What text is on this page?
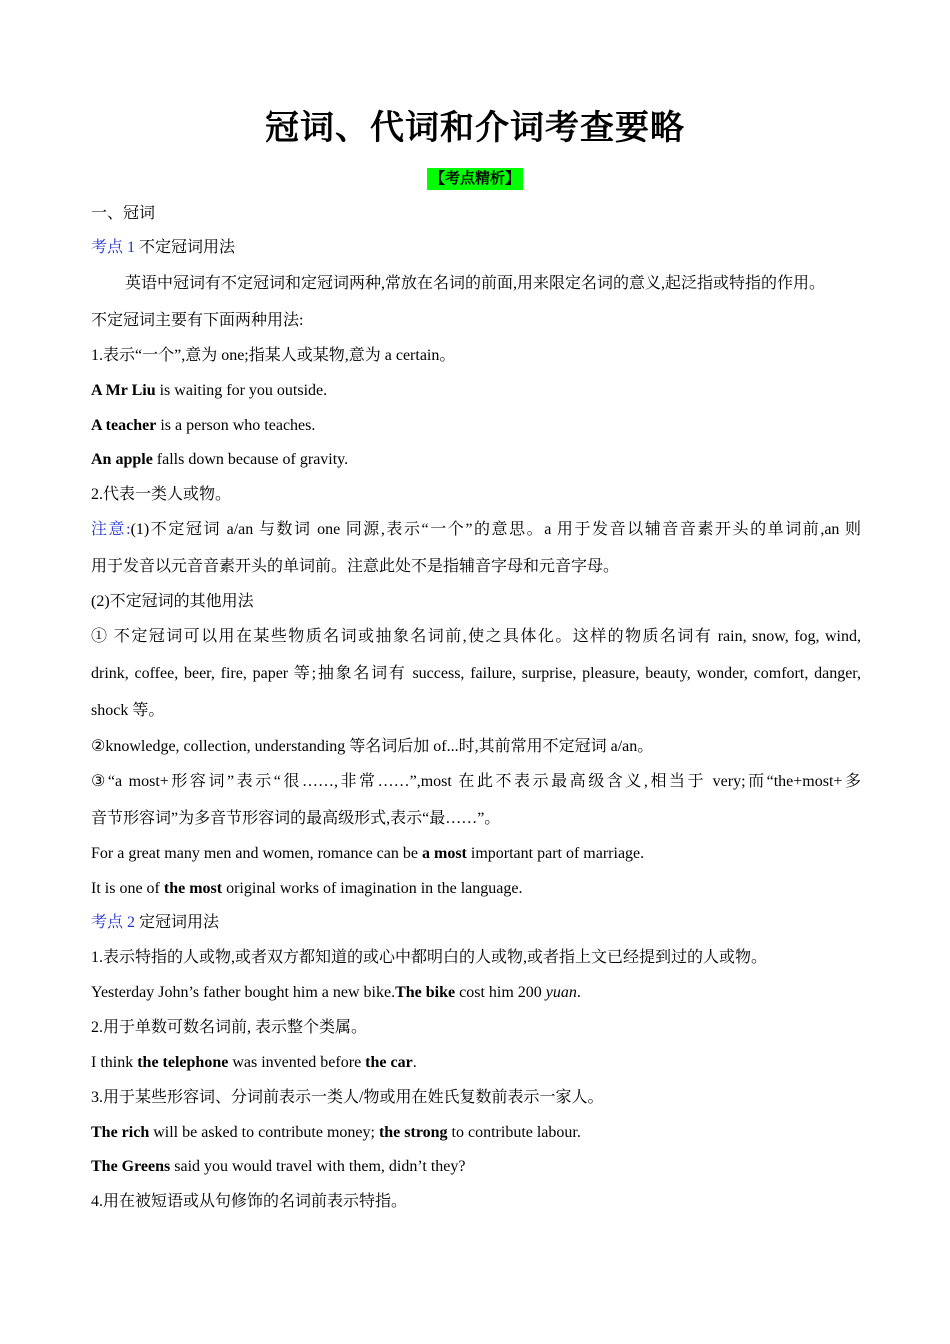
冠词、代词和介词考查要略
【考点精析】
一、冠词
考点 1 不定冠词用法
英语中冠词有不定冠词和定冠词两种,常放在名词的前面,用来限定名词的意义,起泛指或特指的作用。
不定冠词主要有下面两种用法:
1.表示“一个”,意为 one;指某人或某物,意为 a certain。
A Mr Liu is waiting for you outside.
A teacher is a person who teaches.
An apple falls down because of gravity.
2.代表一类人或物。
注意:(1)不定冠词 a/an 与数词 one 同源,表示“一个”的意思。a 用于发音以辅音音素开头的单词前,an 则
用于发音以元音音素开头的单词前。注意此处不是指辅音字母和元音字母。
(2)不定冠词的其他用法
① 不定冠词可以用在某些物质名词或抽象名词前,使之具体化。这样的物质名词有 rain, snow, fog, wind,
drink, coffee, beer, fire, paper 等;抽象名词有 success, failure, surprise, pleasure, beauty, wonder, comfort, danger,
shock 等。
②knowledge, collection, understanding 等名词后加 of...时,其前常用不定冠词 a/an。
③“a most+形容词”表示“很……,非常……”,most 在此不表示最高级含义,相当于 very;而“the+most+多
音节形容词”为多音节形容词的最高级形式,表示“最……”。
For a great many men and women, romance can be a most important part of marriage.
It is one of the most original works of imagination in the language.
考点 2 定冠词用法
1.表示特指的人或物,或者双方都知道的或心中都明白的人或物,或者指上文已经提到过的人或物。
Yesterday John’s father bought him a new bike.The bike cost him 200 yuan.
2.用于单数可数名词前, 表示整个类属。
I think the telephone was invented before the car.
3.用于某些形容词、分词前表示一类人/物或用在姓氏复数前表示一家人。
The rich will be asked to contribute money; the strong to contribute labour.
The Greens said you would travel with them, didn’t they?
4.用在被短语或从句修饰的名词前表示特指。
